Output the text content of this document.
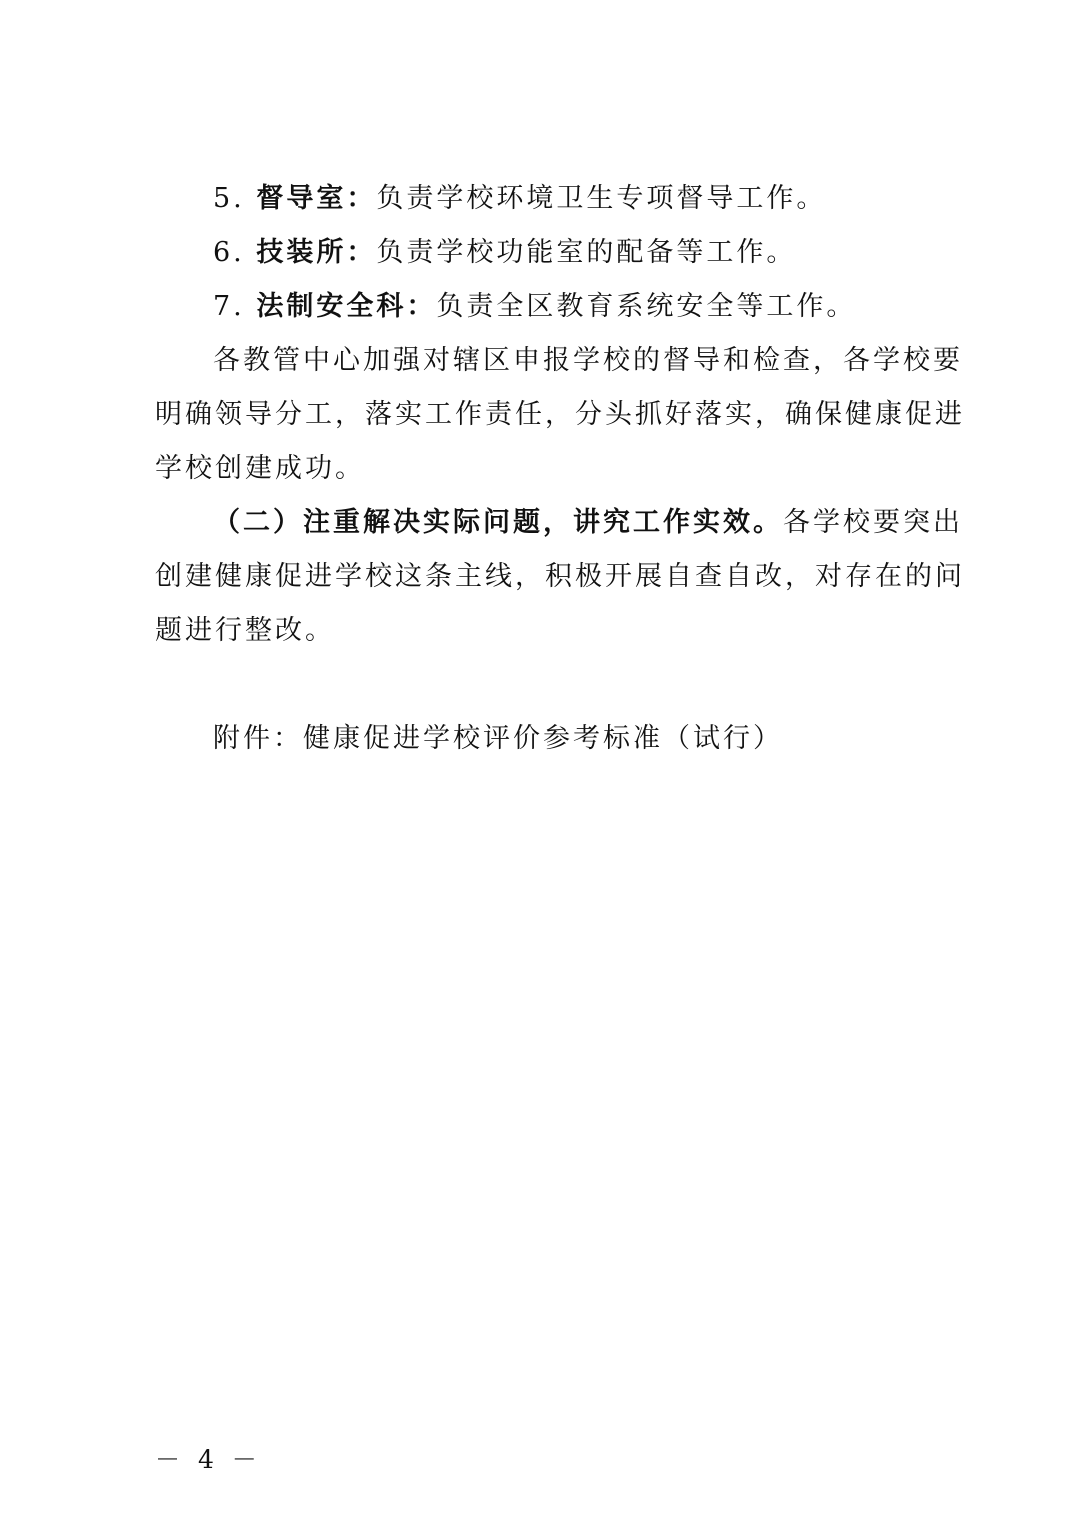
5. 督导室：负责学校环境卫生专项督导工作。
6. 技装所：负责学校功能室的配备等工作。
7. 法制安全科：负责全区教育系统安全等工作。
各教管中心加强对辖区申报学校的督导和检查，各学校要
明确领导分工，落实工作责任，分头抓好落实，确保健康促进
学校创建成功。
（二）注重解决实际问题，讲究工作实效。各学校要突出
创建健康促进学校这条主线，积极开展自查自改，对存在的问
题进行整改。
附件：健康促进学校评价参考标准（试行）
－ 4 －
